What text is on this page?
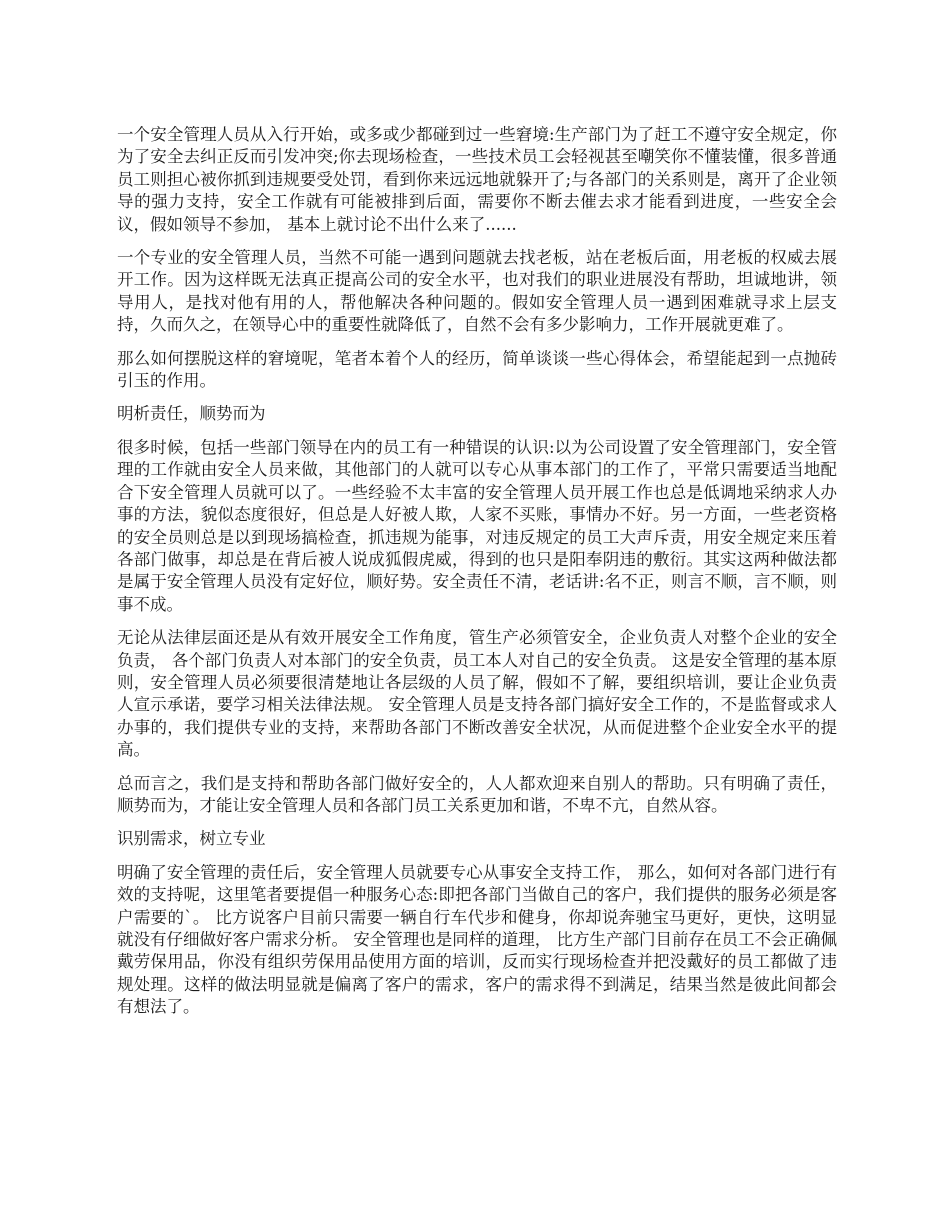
一个安全管理人员从入行开始，或多或少都碰到过一些窘境:生产部门为了赶工不遵守安全规定，你为了安全去纠正反而引发冲突;你去现场检查，一些技术员工会轻视甚至嘲笑你不懂装懂，很多普通员工则担心被你抓到违规要受处罚，看到你来远远地就躲开了;与各部门的关系则是，离开了企业领导的强力支持，安全工作就有可能被排到后面，需要你不断去催去求才能看到进度，一些安全会议，假如领导不参加， 基本上就讨论不出什么来了......

一个专业的安全管理人员，当然不可能一遇到问题就去找老板，站在老板后面，用老板的权威去展开工作。因为这样既无法真正提高公司的安全水平，也对我们的职业进展没有帮助，坦诚地讲，领导用人，是找对他有用的人，帮他解决各种问题的。假如安全管理人员一遇到困难就寻求上层支持，久而久之，在领导心中的重要性就降低了，自然不会有多少影响力，工作开展就更难了。

那么如何摆脱这样的窘境呢，笔者本着个人的经历，简单谈谈一些心得体会，希望能起到一点抛砖引玉的作用。

明析责任，顺势而为

很多时候，包括一些部门领导在内的员工有一种错误的认识:以为公司设置了安全管理部门，安全管理的工作就由安全人员来做，其他部门的人就可以专心从事本部门的工作了，平常只需要适当地配合下安全管理人员就可以了。一些经验不太丰富的安全管理人员开展工作也总是低调地采纳求人办事的方法，貌似态度很好，但总是人好被人欺，人家不买账，事情办不好。另一方面，一些老资格的安全员则总是以到现场搞检查，抓违规为能事，对违反规定的员工大声斥责，用安全规定来压着各部门做事，却总是在背后被人说成狐假虎威，得到的也只是阳奉阴违的敷衍。其实这两种做法都是属于安全管理人员没有定好位，顺好势。安全责任不清，老话讲:名不正，则言不顺，言不顺，则事不成。

无论从法律层面还是从有效开展安全工作角度，管生产必须管安全，企业负责人对整个企业的安全负责， 各个部门负责人对本部门的安全负责，员工本人对自己的安全负责。 这是安全管理的基本原则，安全管理人员必须要很清楚地让各层级的人员了解，假如不了解，要组织培训，要让企业负责人宣示承诺，要学习相关法律法规。 安全管理人员是支持各部门搞好安全工作的，不是监督或求人办事的，我们提供专业的支持，来帮助各部门不断改善安全状况，从而促进整个企业安全水平的提高。

总而言之，我们是支持和帮助各部门做好安全的，人人都欢迎来自别人的帮助。只有明确了责任，顺势而为，才能让安全管理人员和各部门员工关系更加和谐，不卑不亢，自然从容。

识别需求，树立专业

明确了安全管理的责任后，安全管理人员就要专心从事安全支持工作， 那么，如何对各部门进行有效的支持呢，这里笔者要提倡一种服务心态:即把各部门当做自己的客户，我们提供的服务必须是客户需要的`。 比方说客户目前只需要一辆自行车代步和健身，你却说奔驰宝马更好，更快，这明显就没有仔细做好客户需求分析。 安全管理也是同样的道理， 比方生产部门目前存在员工不会正确佩戴劳保用品，你没有组织劳保用品使用方面的培训，反而实行现场检查并把没戴好的员工都做了违规处理。这样的做法明显就是偏离了客户的需求，客户的需求得不到满足，结果当然是彼此间都会有想法了。
